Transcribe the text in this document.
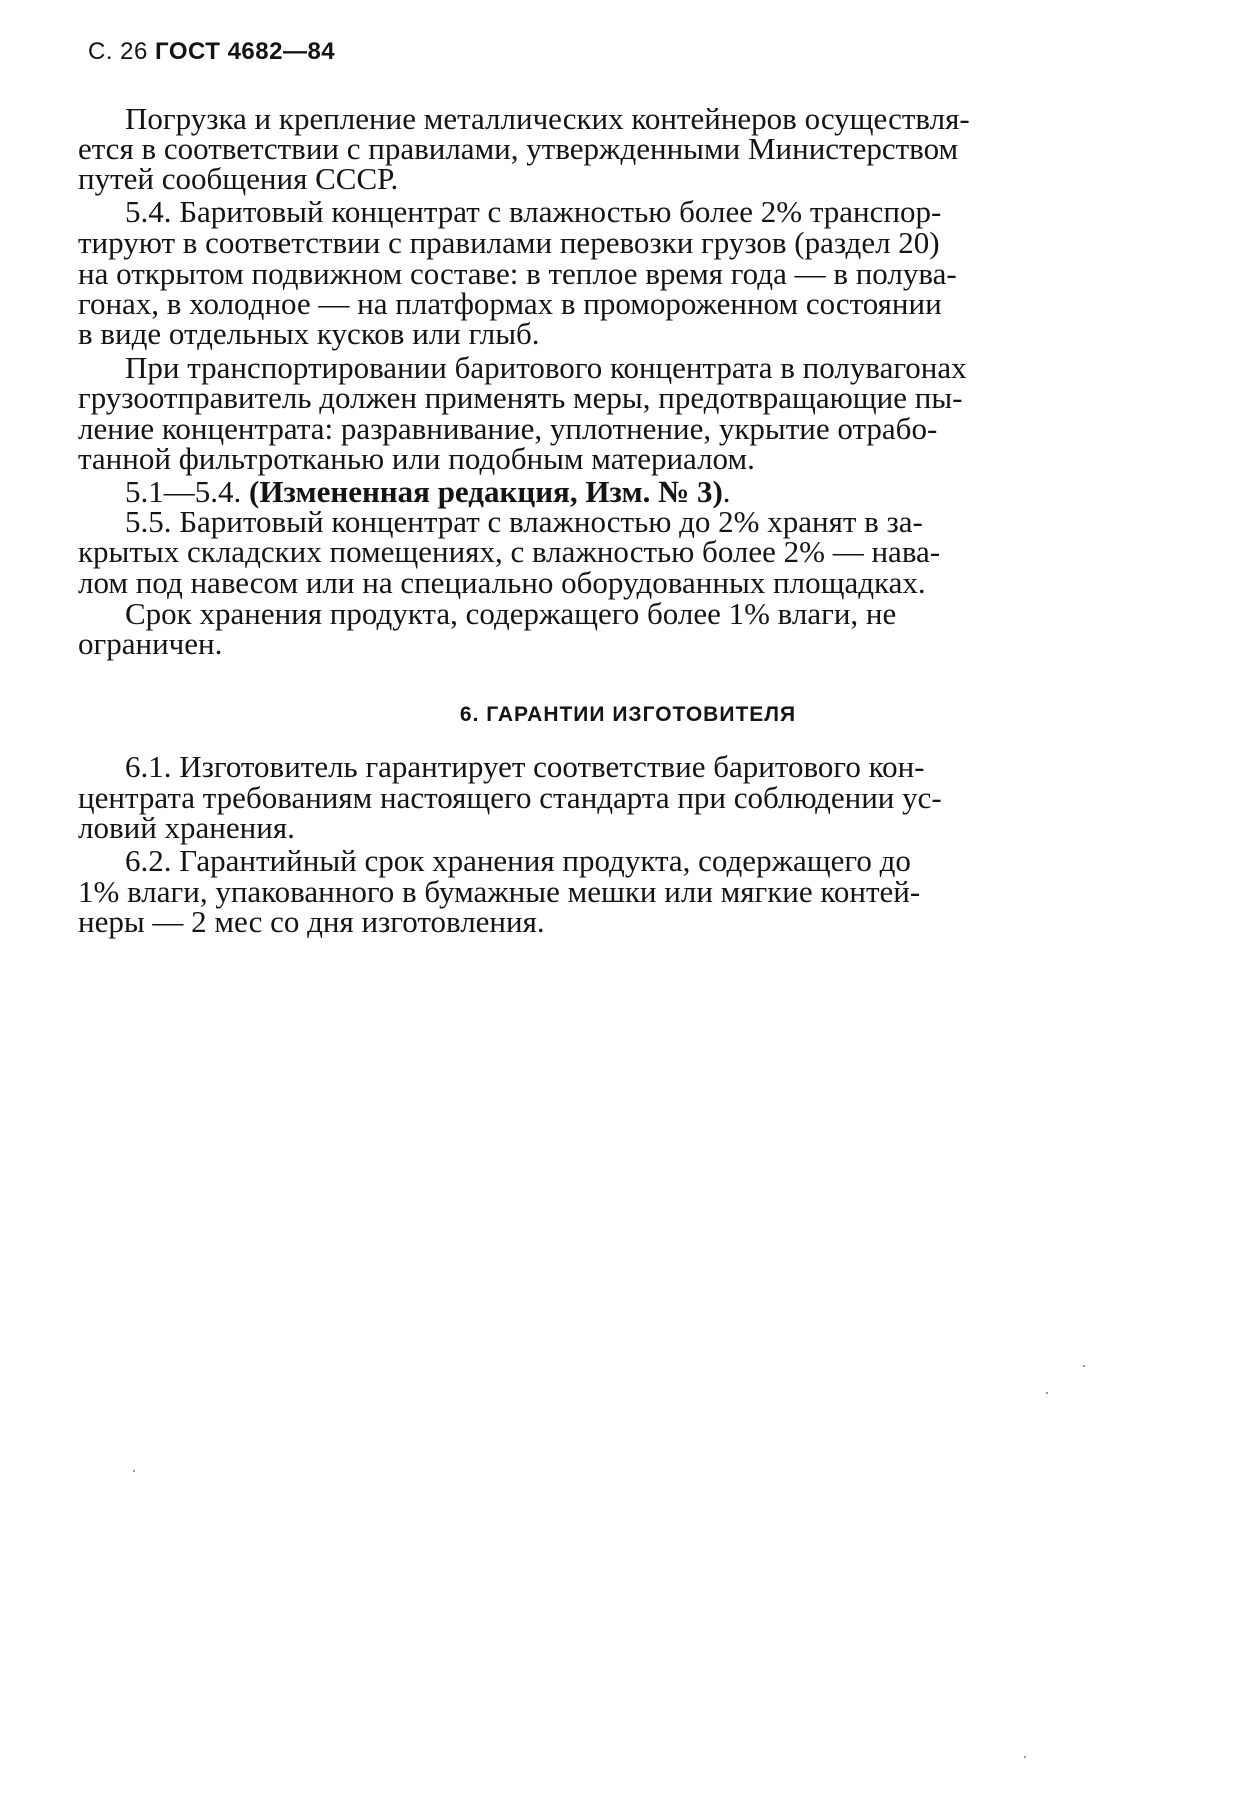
С. 26 ГОСТ 4682—84
Погрузка и крепление металлических контейнеров осуществля-
ется в соответствии с правилами, утвержденными Министерством
путей сообщения СССР.
5.4. Баритовый концентрат с влажностью более 2% транспор-
тируют в соответствии с правилами перевозки грузов (раздел 20)
на открытом подвижном составе: в теплое время года — в полува-
гонах, в холодное — на платформах в промороженном состоянии
в виде отдельных кусков или глыб.
При транспортировании баритового концентрата в полувагонах
грузоотправитель должен применять меры, предотвращающие пы-
ление концентрата: разравнивание, уплотнение, укрытие отрабо-
танной фильтротканью или подобным материалом.
5.1—5.4. (Измененная редакция, Изм. № 3).
5.5. Баритовый концентрат с влажностью до 2% хранят в за-
крытых складских помещениях, с влажностью более 2% — нава-
лом под навесом или на специально оборудованных площадках.
Срок хранения продукта, содержащего более 1% влаги, не
ограничен.
6. ГАРАНТИИ ИЗГОТОВИТЕЛЯ
6.1. Изготовитель гарантирует соответствие баритового кон-
центрата требованиям настоящего стандарта при соблюдении ус-
ловий хранения.
6.2. Гарантийный срок хранения продукта, содержащего до
1% влаги, упакованного в бумажные мешки или мягкие контей-
неры — 2 мес со дня изготовления.
